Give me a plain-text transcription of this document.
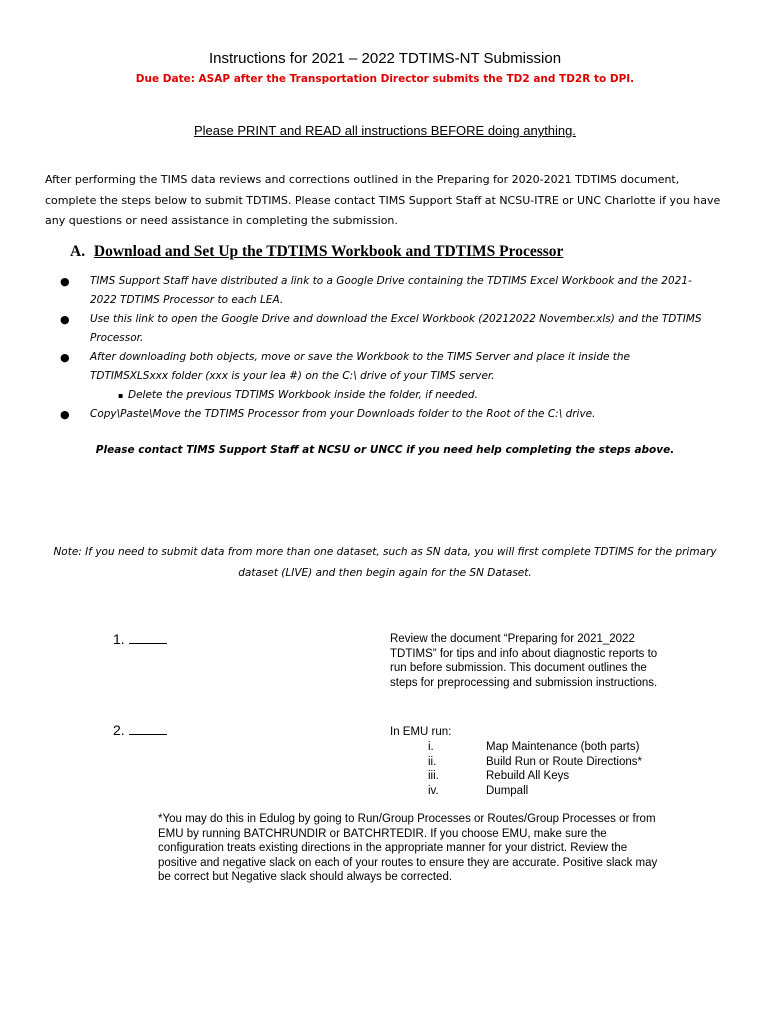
Instructions for 2021 – 2022 TDTIMS-NT Submission
Due Date: ASAP after the Transportation Director submits the TD2 and TD2R to DPI.
Please PRINT and READ all instructions BEFORE doing anything.
After performing the TIMS data reviews and corrections outlined in the Preparing for 2020-2021 TDTIMS document, complete the steps below to submit TDTIMS. Please contact TIMS Support Staff at NCSU-ITRE or UNC Charlotte if you have any questions or need assistance in completing the submission.
A. Download and Set Up the TDTIMS Workbook and TDTIMS Processor
● TIMS Support Staff have distributed a link to a Google Drive containing the TDTIMS Excel Workbook and the 2021-2022 TDTIMS Processor to each LEA.
● Use this link to open the Google Drive and download the Excel Workbook (20212022 November.xls) and the TDTIMS Processor.
● After downloading both objects, move or save the Workbook to the TIMS Server and place it inside the TDTIMSXLSxxx folder (xxx is your lea #) on the C:\ drive of your TIMS server.
▪ Delete the previous TDTIMS Workbook inside the folder, if needed.
● Copy\Paste\Move the TDTIMS Processor from your Downloads folder to the Root of the C:\ drive.
Please contact TIMS Support Staff at NCSU or UNCC if you need help completing the steps above.
Note: If you need to submit data from more than one dataset, such as SN data, you will first complete TDTIMS for the primary dataset (LIVE) and then begin again for the SN Dataset.
1.	Review the document “Preparing for 2021_2022 TDTIMS” for tips and info about diagnostic reports to run before submission. This document outlines the steps for preprocessing and submission instructions.
2.	In EMU run:
i.	Map Maintenance (both parts)
ii.	Build Run or Route Directions*
iii.	Rebuild All Keys
iv.	Dumpall
*You may do this in Edulog by going to Run/Group Processes or Routes/Group Processes or from EMU by running BATCHRUNDIR or BATCHRTEDIR. If you choose EMU, make sure the configuration treats existing directions in the appropriate manner for your district. Review the positive and negative slack on each of your routes to ensure they are accurate. Positive slack may be correct but Negative slack should always be corrected.
